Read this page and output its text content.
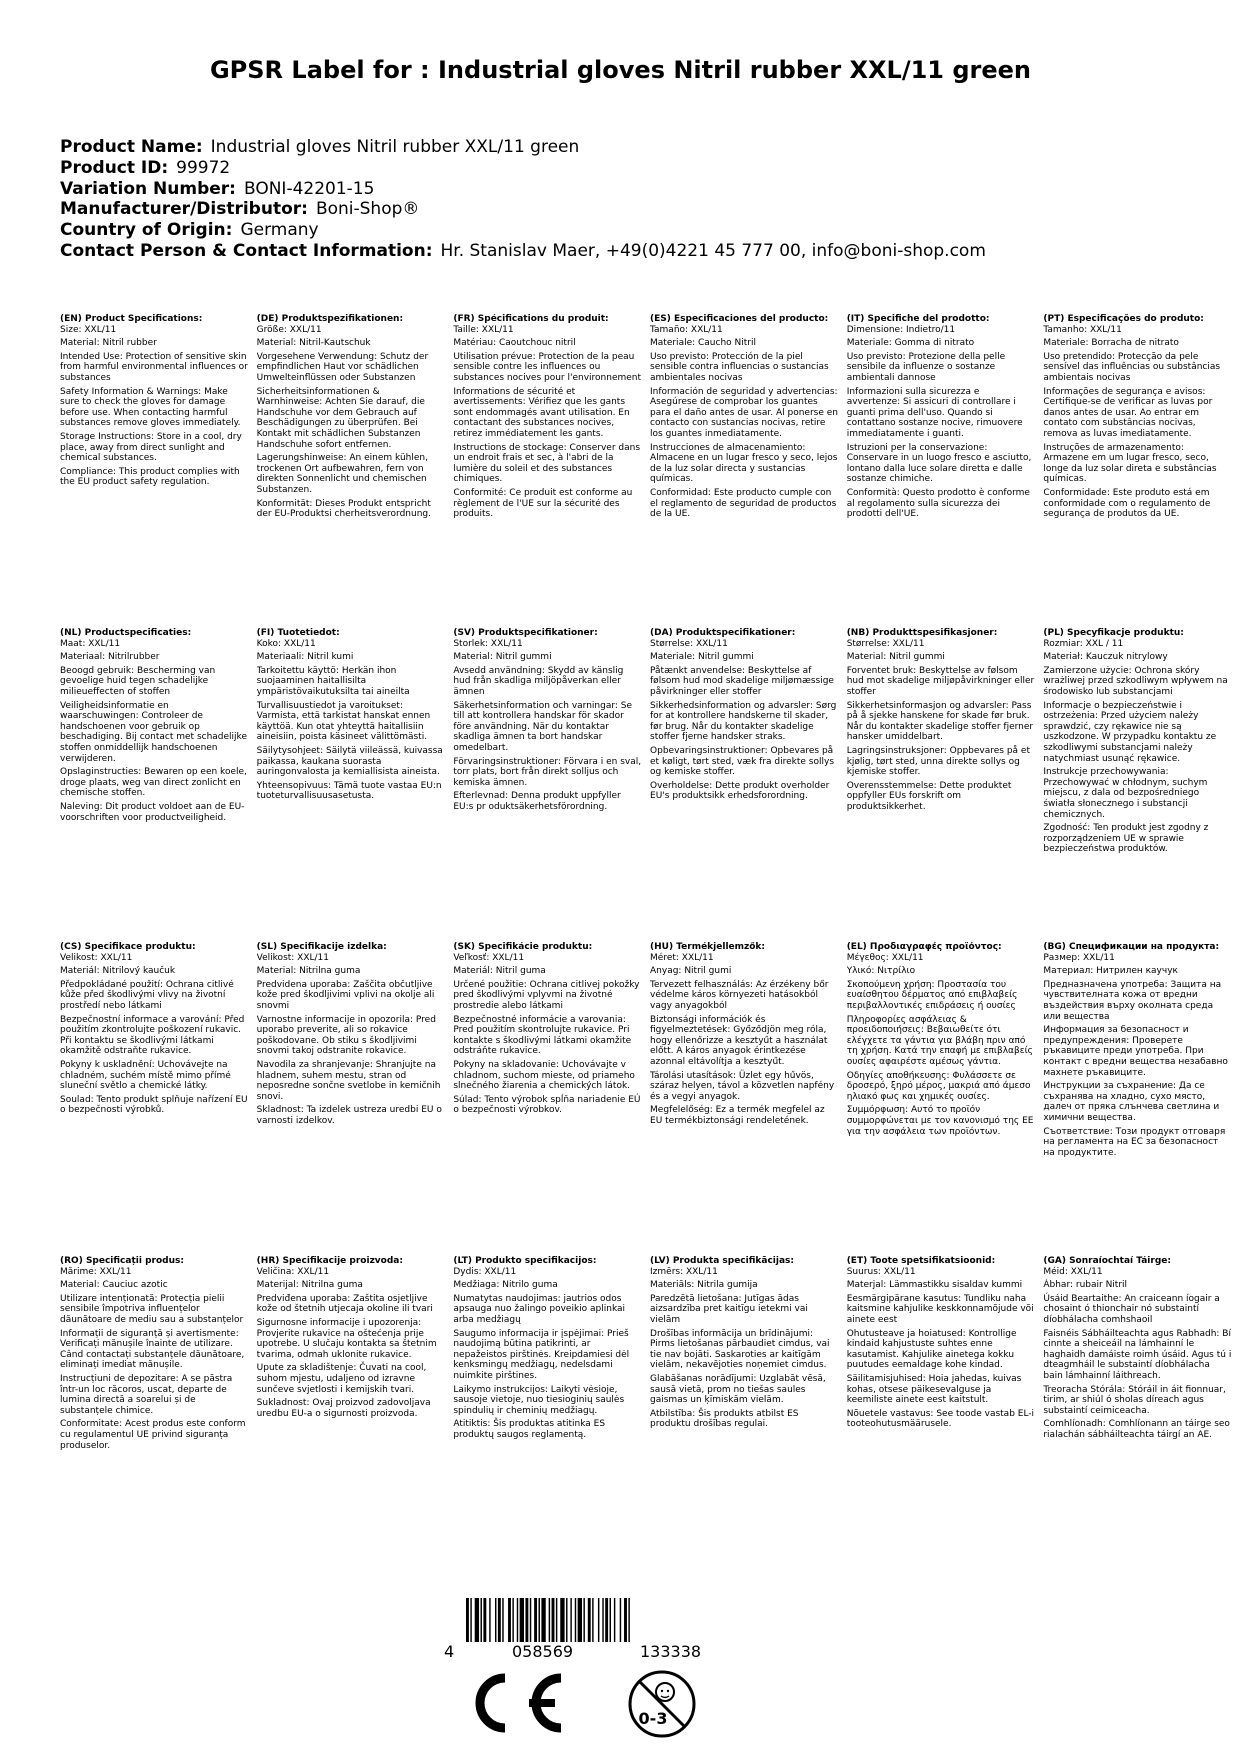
GPSR Label for : Industrial gloves Nitril rubber XXL/11 green
Product Name: Industrial gloves Nitril rubber XXL/11 green
Product ID: 99972
Variation Number: BONI-42201-15
Manufacturer/Distributor: Boni-Shop®
Country of Origin: Germany
Contact Person & Contact Information: Hr. Stanislav Maer, +49(0)4221 45 777 00, info@boni-shop.com
(EN) Product Specifications:
Size: XXL/11
Material: Nitril rubber
Intended Use: Protection of sensitive skin from harmful environmental influences or substances
Safety Information & Warnings: Make sure to check the gloves for damage before use. When contacting harmful substances remove gloves immediately.
Storage Instructions: Store in a cool, dry place, away from direct sunlight and chemical substances.
Compliance: This product complies with the EU product safety regulation.
(DE) Produktspezifikationen:
Größe: XXL/11
Material: Nitril-Kautschuk
Vorgesehene Verwendung: Schutz der empfindlichen Haut vor schädlichen Umwelteinflüssen oder Substanzen
Sicherheitsinformationen & Warnhinweise: Achten Sie darauf, die Handschuhe vor dem Gebrauch auf Beschädigungen zu überprüfen. Bei Kontakt mit schädlichen Substanzen Handschuhe sofort entfernen.
Lagerungshinweise: An einem kühlen, trockenen Ort aufbewahren, fern von direkten Sonnenlicht und chemischen Substanzen.
Konformität: Dieses Produkt entspricht der EU-Produktsi cherheitsverordnung.
(FR) Spécifications du produit:
Taille: XXL/11
Matériau: Caoutchouc nitril
Utilisation prévue: Protection de la peau sensible contre les influences ou substances nocives pour l'environnement
Informations de sécurité et avertissements: Vérifiez que les gants sont endommagés avant utilisation. En contactant des substances nocives, retirez immédiatement les gants.
Instructions de stockage: Conserver dans un endroit frais et sec, à l'abri de la lumière du soleil et des substances chimiques.
Conformité: Ce produit est conforme au règlement de l'UE sur la sécurité des produits.
(ES) Especificaciones del producto:
Tamaño: XXL/11
Materiale: Caucho Nitril
Uso previsto: Protección de la piel sensible contra influencias o sustancias ambientales nocivas
Información de seguridad y advertencias: Asegúrese de comprobar los guantes para el daño antes de usar. Al ponerse en contacto con sustancias nocivas, retire los guantes inmediatamente.
Instrucciones de almacenamiento: Almacene en un lugar fresco y seco, lejos de la luz solar directa y sustancias químicas.
Conformidad: Este producto cumple con el reglamento de seguridad de productos de la UE.
(IT) Specifiche del prodotto:
Dimensione: Indietro/11
Materiale: Gomma di nitrato
Uso previsto: Protezione della pelle sensibile da influenze o sostanze ambientali dannose
Informazioni sulla sicurezza e avvertenze: Si assicuri di controllare i guanti prima dell'uso. Quando si contattano sostanze nocive, rimuovere immediatamente i guanti.
Istruzioni per la conservazione: Conservare in un luogo fresco e asciutto, lontano dalla luce solare diretta e dalle sostanze chimiche.
Conformità: Questo prodotto è conforme al regolamento sulla sicurezza dei prodotti dell'UE.
(PT) Especificações do produto:
Tamanho: XXL/11
Materiale: Borracha de nitrato
Uso pretendido: Protecção da pele sensível das influências ou substâncias ambientais nocivas
Informações de segurança e avisos: Certifique-se de verificar as luvas por danos antes de usar. Ao entrar em contato com substâncias nocivas, remova as luvas imediatamente.
Instruções de armazenamento: Armazene em um lugar fresco, seco, longe da luz solar direta e substâncias químicas.
Conformidade: Este produto está em conformidade com o regulamento de segurança de produtos da UE.
(NL) Productspecificaties:
Maat: XXL/11
Materiaal: Nitrilrubber
Beoogd gebruik: Bescherming van gevoelige huid tegen schadelijke milieueffecten of stoffen
Veiligheidsinformatie en waarschuwingen: Controleer de handschoenen voor gebruik op beschadiging. Bij contact met schadelijke stoffen onmiddellijk handschoenen verwijderen.
Opslaginstructies: Bewaren op een koele, droge plaats, weg van direct zonlicht en chemische stoffen.
Naleving: Dit product voldoet aan de EU-voorschriften voor productveiligheid.
(FI) Tuotetiedot:
Koko: XXL/11
Materiaali: Nitril kumi
Tarkoitettu käyttö: Herkän ihon suojaaminen haitallisilta ympäristövaikutuksilta tai aineilta
Turvallisuustiedot ja varoitukset: Varmista, että tarkistat hanskat ennen käyttöä. Kun otat yhteyttä haitallisiin aineisiin, poista käsineet välittömästi.
Säilytysohjeet: Säilytä viileässä, kuivassa paikassa, kaukana suorasta auringonvalosta ja kemiallisista aineista.
Yhteensopivuus: Tämä tuote vastaa EU:n tuoteturvallisuusasetusta.
(SV) Produktspecifikationer:
Storlek: XXL/11
Material: Nitril gummi
Avsedd användning: Skydd av känslig hud från skadliga miljöpåverkan eller ämnen
Säkerhetsinformation och varningar: Se till att kontrollera handskar för skador före användning. När du kontaktar skadliga ämnen ta bort handskar omedelbart.
Förvaringsinstruktioner: Förvara i en sval, torr plats, bort från direkt solljus och kemiska ämnen.
Efterlevnad: Denna produkt uppfyller EU:s pr oduktsäkerhetsförordning.
(DA) Produktspecifikationer:
Størrelse: XXL/11
Materiale: Nitril gummi
Påtænkt anvendelse: Beskyttelse af følsom hud mod skadelige miljømæssige påvirkninger eller stoffer
Sikkerhedsinformation og advarsler: Sørg for at kontrollere handskerne til skader, før brug. Når du kontakter skadelige stoffer fjerne handsker straks.
Opbevaringsinstruktioner: Opbevares på et køligt, tørt sted, væk fra direkte sollys og kemiske stoffer.
Overholdelse: Dette produkt overholder EU's produktsikk erhedsforordning.
(NB) Produkttspesifikasjoner:
Størrelse: XXL/11
Material: Nitril gummi
Forventet bruk: Beskyttelse av følsom hud mot skadelige miljøpåvirkninger eller stoffer
Sikkerhetsinformasjon og advarsler: Pass på å sjekke hanskene for skade før bruk. Når du kontakter skadelige stoffer fjerner hansker umiddelbart.
Lagringsinstruksjoner: Oppbevares på et kjølig, tørt sted, unna direkte sollys og kjemiske stoffer.
Overensstemmelse: Dette produktet oppfyller EUs forskrift om produktsikkerhet.
(PL) Specyfikacje produktu:
Rozmiar: XXL / 11
Materiał: Kauczuk nitrylowy
Zamierzone użycie: Ochrona skóry wrażliwej przed szkodliwym wpływem na środowisko lub substancjami
Informacje o bezpieczeństwie i ostrzeżenia: Przed użyciem należy sprawdzić, czy rękawice nie są uszkodzone. W przypadku kontaktu ze szkodliwymi substancjami należy natychmiast usunąć rękawice.
Instrukcje przechowywania: Przechowywać w chłodnym, suchym miejscu, z dala od bezpośredniego światła słonecznego i substancji chemicznych.
Zgodność: Ten produkt jest zgodny z rozporządzeniem UE w sprawie bezpieczeństwa produktów.
(CS) Specifikace produktu:
Velikost: XXL/11
Materiál: Nitrilový kaučuk
Předpokládané použití: Ochrana citlivé kůže před škodlivými vlivy na životní prostředí nebo látkami
Bezpečnostní informace a varování: Před použitím zkontrolujte poškození rukavic. Při kontaktu se škodlivými látkami okamžitě odstraňte rukavice.
Pokyny k uskladnění: Uchovávejte na chladném, suchém místě mimo přímé sluneční světlo a chemické látky.
Soulad: Tento produkt splňuje nařízení EU o bezpečnosti výrobků.
(SL) Specifikacije izdelka:
Velikost: XXL/11
Material: Nitrilna guma
Predvidena uporaba: Zaščita občutljive kože pred škodljivimi vplivi na okolje ali snovmi
Varnostne informacije in opozorila: Pred uporabo preverite, ali so rokavice poškodovane. Ob stiku s škodljivimi snovmi takoj odstranite rokavice.
Navodila za shranjevanje: Shranjujte na hladnem, suhem mestu, stran od neposredne sončne svetlobe in kemičnih snovi.
Skladnost: Ta izdelek ustreza uredbi EU o varnosti izdelkov.
(SK) Špecifikácie produktu:
Veľkosť: XXL/11
Materiál: Nitril guma
Určené použitie: Ochrana citlivej pokožky pred škodlivými vplyvmi na životné prostredie alebo látkami
Bezpečnostné informácie a varovania: Pred použitím skontrolujte rukavice. Pri kontakte s škodlivými látkami okamžite odstráňte rukavice.
Pokyny na skladovanie: Uchovávajte v chladnom, suchom mieste, od priameho slnečného žiarenia a chemických látok.
Súlad: Tento výrobok spĺňa nariadenie EÚ o bezpečnosti výrobkov.
(HU) Termékjellemzők:
Méret: XXL/11
Anyag: Nitril gumi
Tervezett felhasználás: Az érzékeny bőr védelme káros környezeti hatásokból vagy anyagokból
Biztonsági információk és figyelmeztetések: Győződjön meg róla, hogy ellenőrizze a kesztyűt a használat előtt. A káros anyagok érintkezése azonnal eltávolítja a kesztyűt.
Tárolási utasítások: Üzlet egy hűvös, száraz helyen, távol a közvetlen napfény és a vegyi anyagok.
Megfelelőség: Ez a termék megfelel az EU termékbiztonsági rendeletének.
(EL) Προδιαγραφές προϊόντος:
Μέγεθος: XXL/11
Υλικό: Νιτρίλιο
Σκοπούμενη χρήση: Προστασία του ευαίσθητου δέρματος από επιβλαβείς περιβαλλοντικές επιδράσεις ή ουσίες
Πληροφορίες ασφάλειας & προειδοποιήσεις: Βεβαιωθείτε ότι ελέγχετε τα γάντια για βλάβη πριν από τη χρήση. Κατά την επαφή με επιβλαβείς ουσίες αφαιρέστε αμέσως γάντια.
Οδηγίες αποθήκευσης: Φυλάσσετε σε δροσερό, ξηρό μέρος, μακριά από άμεσο ηλιακό φως και χημικές ουσίες.
Συμμόρφωση: Αυτό το προϊόν συμμορφώνεται με τον κανονισμό της ΕΕ για την ασφάλεια των προϊόντων.
(BG) Спецификации на продукта:
Размер: XXL/11
Материал: Нитрилен каучук
Предназначена употреба: Защита на чувствителната кожа от вредни въздействия върху околната среда или вещества
Информация за безопасност и предупреждения: Проверете ръкавиците преди употреба. При контакт с вредни вещества незабавно махнете ръкавиците.
Инструкции за съхранение: Да се съхранява на хладно, сухо място, далеч от пряка слънчева светлина и химични вещества.
Съответствие: Този продукт отговаря на регламента на ЕС за безопасност на продуктите.
(RO) Specificații produs:
Mărime: XXL/11
Material: Cauciuc azotic
Utilizare intenționată: Protecția pielii sensibile împotriva influențelor dăunătoare de mediu sau a substanțelor
Informații de siguranță și avertismente: Verificați mănușile înainte de utilizare. Când contactați substanțele dăunătoare, eliminați imediat mănușile.
Instrucțiuni de depozitare: A se păstra într-un loc răcoros, uscat, departe de lumina directă a soarelui și de substanțele chimice.
Conformitate: Acest produs este conform cu regulamentul UE privind siguranța produselor.
(HR) Specifikacije proizvoda:
Veličina: XXL/11
Materijal: Nitrilna guma
Predviđena uporaba: Zaštita osjetljive kože od štetnih utjecaja okoline ili tvari
Sigurnosne informacije i upozorenja: Provjerite rukavice na oštećenja prije upotrebe. U slučaju kontakta sa štetnim tvarima, odmah uklonite rukavice.
Upute za skladištenje: Čuvati na cool, suhom mjestu, udaljeno od izravne sunčeve svjetlosti i kemijskih tvari.
Sukladnost: Ovaj proizvod zadovoljava uredbu EU-a o sigurnosti proizvoda.
(LT) Produkto specifikacijos:
Dydis: XXL/11
Medžiaga: Nitrilo guma
Numatytas naudojimas: jautrios odos apsauga nuo žalingo poveikio aplinkai arba medžiagų
Saugumo informacija ir įspėjimai: Prieš naudojimą būtina patikrinti, ar nepažeistos pirštinės. Kreipdamiesi dėl kenksmingų medžiagų, nedelsdami nuimkite pirštines.
Laikymo instrukcijos: Laikyti vėsioje, sausoje vietoje, nuo tiesioginių saulės spindulių ir cheminių medžiagų.
Atitiktis: Šis produktas atitinka ES produktų saugos reglamentą.
(LV) Produkta specifikācijas:
Izmērs: XXL/11
Materiāls: Nitrila gumija
Paredzētā lietošana: Jutīgas ādas aizsardzība pret kaitīgu ietekmi vai vielām
Drošības informācija un brīdinājumi: Pirms lietošanas pārbaudiet cimdus, vai tie nav bojāti. Saskaroties ar kaitīgām vielām, nekavējoties noņemiet cimdus.
Glabāšanas norādījumi: Uzglabāt vēsā, sausā vietā, prom no tiešas saules gaismas un ķīmiskām vielām.
Atbilstība: Šis produkts atbilst ES produktu drošības regulai.
(ET) Toote spetsifikatsioonid:
Suurus: XXL/11
Materjal: Lämmastikku sisaldav kummi
Eesmärgipärane kasutus: Tundliku naha kaitsmine kahjulike keskkonnamõjude või ainete eest
Ohutusteave ja hoiatused: Kontrollige kindaid kahjustuste suhtes enne kasutamist. Kahjulike ainetega kokku puutudes eemaldage kohe kindad.
Säilitamisjuhised: Hoia jahedas, kuivas kohas, otsese päikesevalguse ja keemiliste ainete eest kaitstult.
Nõuetele vastavus: See toode vastab EL-i tooteohutusmäärusele.
(GA) Sonraíochtaí Táirge:
Méid: XXL/11
Ábhar: rubair Nitril
Úsáid Beartaithe: An craiceann íogair a chosaint ó thionchair nó substaintí díobhálacha comhshaoil
Faisnéis Sábháilteachta agus Rabhadh: Bí cinnte a sheiceáil na lámhainní le haghaidh damáiste roimh úsáid. Agus tú i dteagmháil le substaintí díobhálacha bain lámhainní láithreach.
Treoracha Stórála: Stóráil in áit fionnuar, tirim, ar shiúl ó sholas díreach agus substaintí ceimiceacha.
Comhlíonadh: Comhlíonann an táirge seo rialachán sábháilteachta táirgí an AE.
4	058569	133338
0-3
